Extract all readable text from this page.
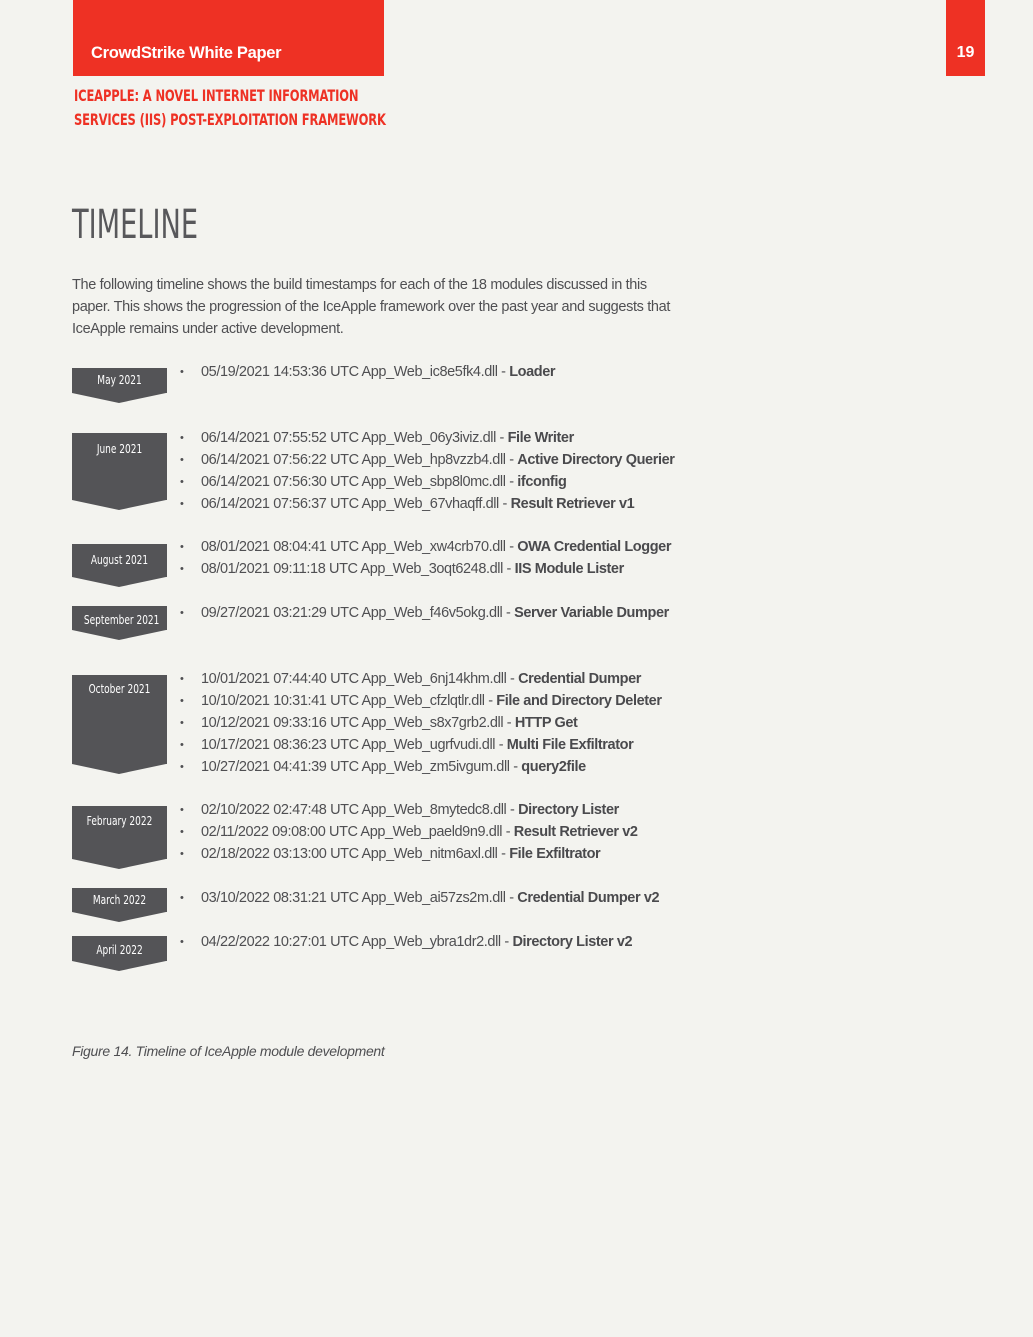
CrowdStrike White Paper	19
ICEAPPLE: A NOVEL INTERNET INFORMATION
SERVICES (IIS) POST-EXPLOITATION FRAMEWORK
TIMELINE
The following timeline shows the build timestamps for each of the 18 modules discussed in this paper. This shows the progression of the IceApple framework over the past year and suggests that IceApple remains under active development.
May 2021	• 05/19/2021 14:53:36 UTC App_Web_ic8e5fk4.dll - Loader
June 2021
• 06/14/2021 07:55:52 UTC App_Web_06y3iviz.dll - File Writer
• 06/14/2021 07:56:22 UTC App_Web_hp8vzzb4.dll - Active Directory Querier
• 06/14/2021 07:56:30 UTC App_Web_sbp8l0mc.dll - ifconfig
• 06/14/2021 07:56:37 UTC App_Web_67vhaqff.dll - Result Retriever v1
August 2021
• 08/01/2021 08:04:41 UTC App_Web_xw4crb70.dll - OWA Credential Logger
• 08/01/2021 09:11:18 UTC App_Web_3oqt6248.dll - IIS Module Lister
September 2021	• 09/27/2021 03:21:29 UTC App_Web_f46v5okg.dll - Server Variable Dumper
October 2021
• 10/01/2021 07:44:40 UTC App_Web_6nj14khm.dll - Credential Dumper
• 10/10/2021 10:31:41 UTC App_Web_cfzlqtlr.dll - File and Directory Deleter
• 10/12/2021 09:33:16 UTC App_Web_s8x7grb2.dll - HTTP Get
• 10/17/2021 08:36:23 UTC App_Web_ugrfvudi.dll - Multi File Exfiltrator
• 10/27/2021 04:41:39 UTC App_Web_zm5ivgum.dll - query2file
February 2022
• 02/10/2022 02:47:48 UTC App_Web_8mytedc8.dll - Directory Lister
• 02/11/2022 09:08:00 UTC App_Web_paeld9n9.dll - Result Retriever v2
• 02/18/2022 03:13:00 UTC App_Web_nitm6axl.dll - File Exfiltrator
March 2022	• 03/10/2022 08:31:21 UTC App_Web_ai57zs2m.dll - Credential Dumper v2
April 2022	• 04/22/2022 10:27:01 UTC App_Web_ybra1dr2.dll - Directory Lister v2
Figure 14. Timeline of IceApple module development
